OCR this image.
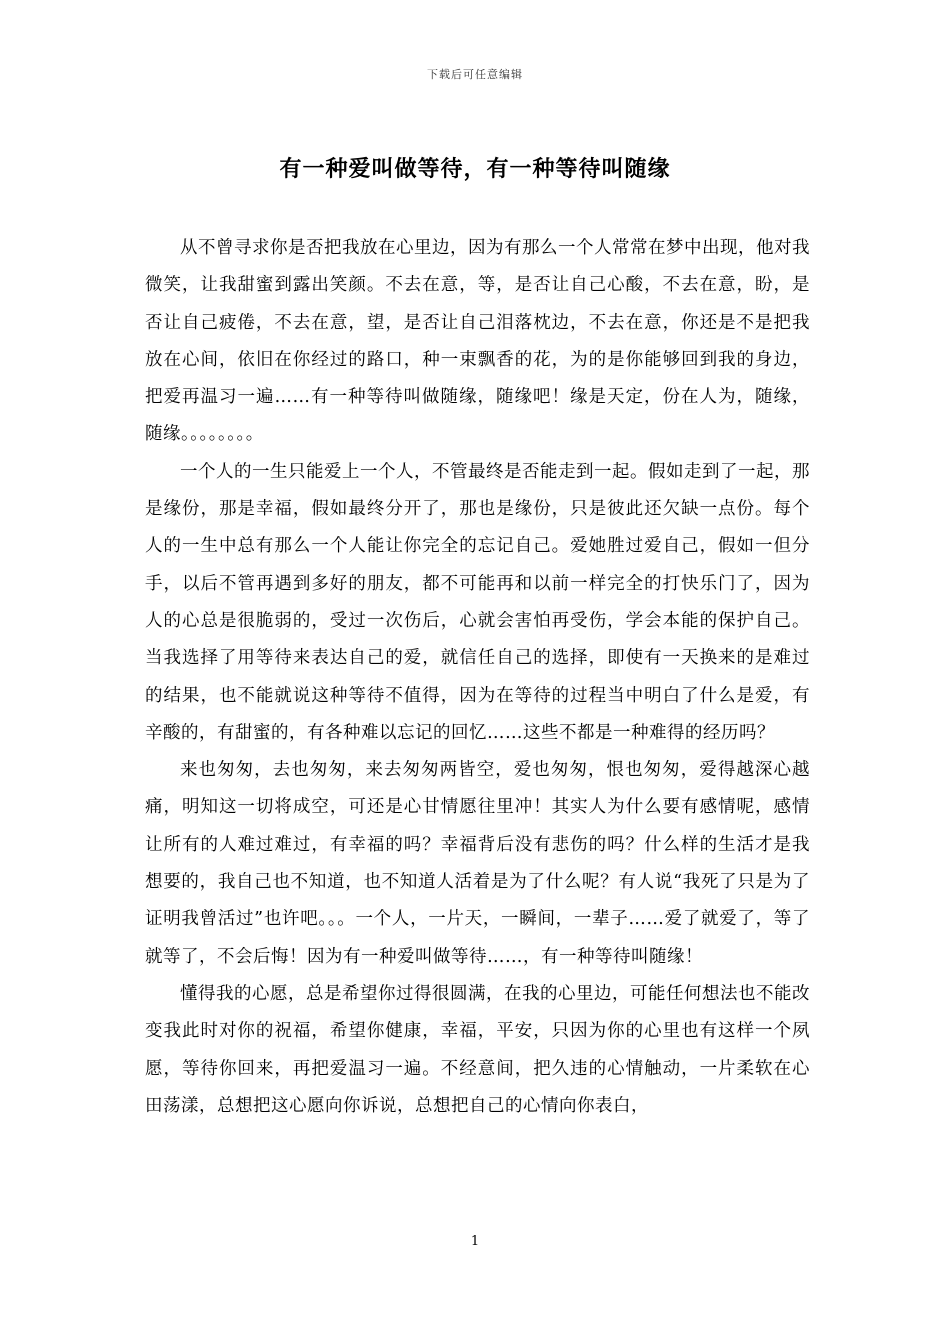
下载后可任意编辑
有一种爱叫做等待，有一种等待叫随缘

从不曾寻求你是否把我放在心里边，因为有那么一个人常常在梦中出现，他对我微笑，让我甜蜜到露出笑颜。不去在意，等，是否让自己心酸，不去在意，盼，是否让自己疲倦，不去在意，望，是否让自己泪落枕边，不去在意，你还是不是把我放在心间，依旧在你经过的路口，种一束飘香的花，为的是你能够回到我的身边，把爱再温习一遍……有一种等待叫做随缘，随缘吧！缘是天定，份在人为，随缘，随缘。。。。。。。。

一个人的一生只能爱上一个人，不管最终是否能走到一起。假如走到了一起，那是缘份，那是幸福，假如最终分开了，那也是缘份，只是彼此还欠缺一点份。每个人的一生中总有那么一个人能让你完全的忘记自己。爱她胜过爱自己，假如一但分手，以后不管再遇到多好的朋友，都不可能再和以前一样完全的打快乐门了，因为人的心总是很脆弱的，受过一次伤后，心就会害怕再受伤，学会本能的保护自己。当我选择了用等待来表达自己的爱，就信任自己的选择，即使有一天换来的是难过的结果，也不能就说这种等待不值得，因为在等待的过程当中明白了什么是爱，有辛酸的，有甜蜜的，有各种难以忘记的回忆……这些不都是一种难得的经历吗？

来也匆匆，去也匆匆，来去匆匆两皆空，爱也匆匆，恨也匆匆，爱得越深心越痛，明知这一切将成空，可还是心甘情愿往里冲！其实人为什么要有感情呢，感情让所有的人难过难过，有幸福的吗？幸福背后没有悲伤的吗？什么样的生活才是我想要的，我自己也不知道，也不知道人活着是为了什么呢？有人说“我死了只是为了证明我曾活过”也许吧。。。一个人，一片天，一瞬间，一辈子……爱了就爱了，等了就等了，不会后悔！因为有一种爱叫做等待……，有一种等待叫随缘！

懂得我的心愿，总是希望你过得很圆满，在我的心里边，可能任何想法也不能改变我此时对你的祝福，希望你健康，幸福，平安，只因为你的心里也有这样一个夙愿，等待你回来，再把爱温习一遍。不经意间，把久违的心情触动，一片柔软在心田荡漾，总想把这心愿向你诉说，总想把自己的心情向你表白，

1
